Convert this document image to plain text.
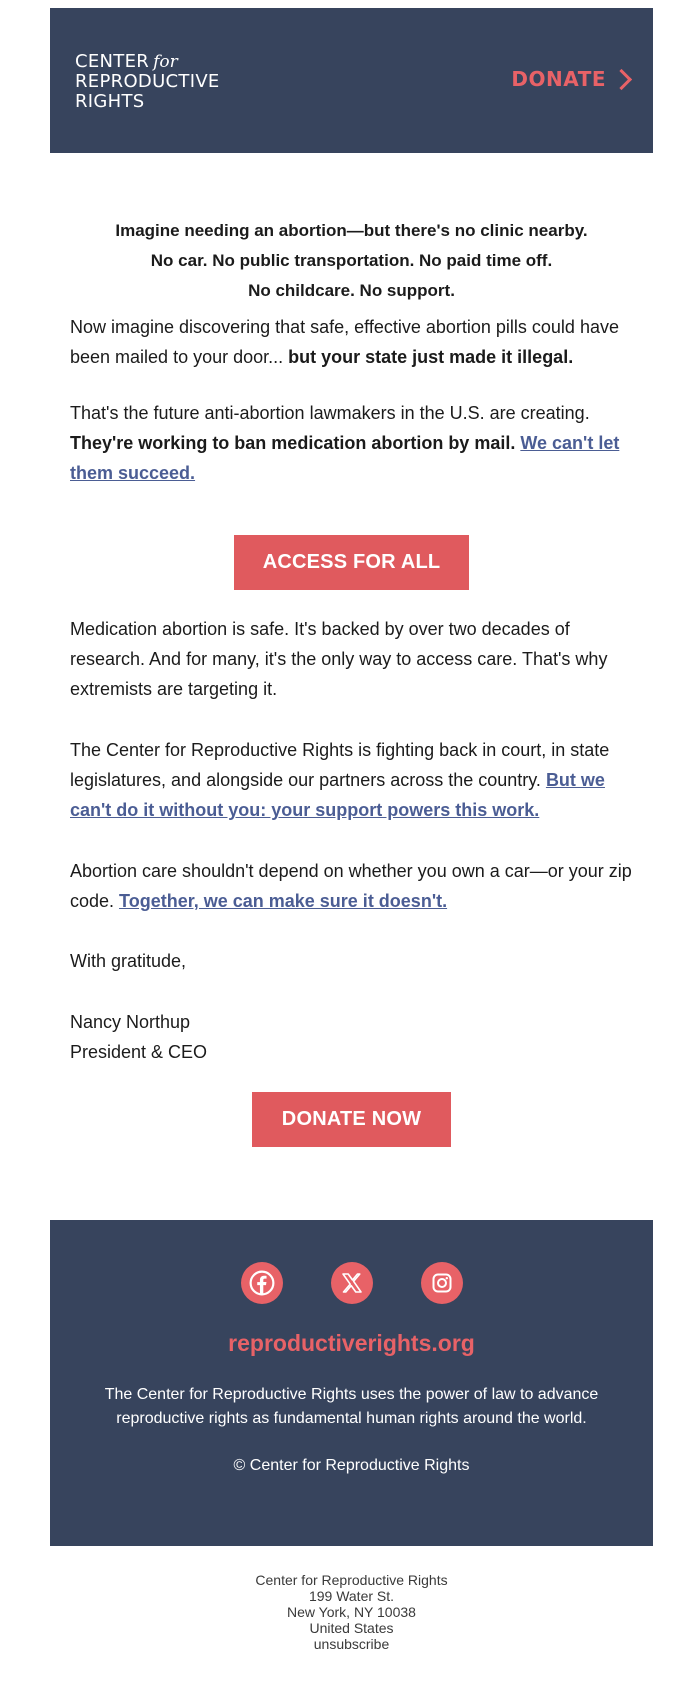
CENTER for
REPRODUCTIVE
RIGHTS
DONATE
Imagine needing an abortion—but there's no clinic nearby.
No car. No public transportation. No paid time off.
No childcare. No support.

Now imagine discovering that safe, effective abortion pills could have been mailed to your door... but your state just made it illegal.

That's the future anti-abortion lawmakers in the U.S. are creating. They're working to ban medication abortion by mail. We can't let them succeed.

ACCESS FOR ALL

Medication abortion is safe. It's backed by over two decades of research. And for many, it's the only way to access care. That's why extremists are targeting it.

The Center for Reproductive Rights is fighting back in court, in state legislatures, and alongside our partners across the country. But we can't do it without you: your support powers this work.

Abortion care shouldn't depend on whether you own a car—or your zip code. Together, we can make sure it doesn't.

With gratitude,

Nancy Northup
President & CEO
DONATE NOW
reproductiverights.org
The Center for Reproductive Rights uses the power of law to advance reproductive rights as fundamental human rights around the world.
© Center for Reproductive Rights
Center for Reproductive Rights
199 Water St.
New York, NY 10038
United States
unsubscribe
